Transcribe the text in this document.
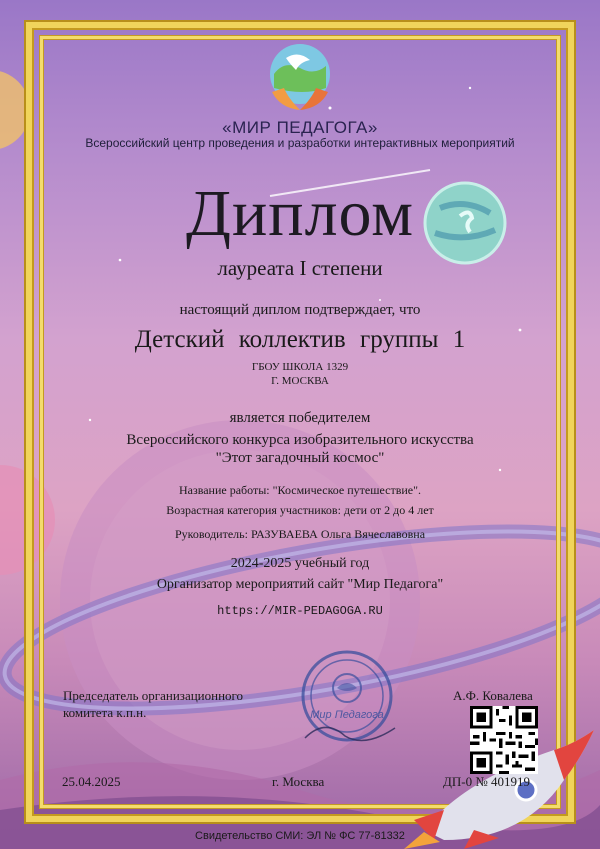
«МИР ПЕДАГОГА»
Всероссийский центр проведения и разработки интерактивных мероприятий
Диплом
лауреата I степени
настоящий диплом подтверждает, что
Детский коллектив группы 1
ГБОУ ШКОЛА 1329
Г. МОСКВА
является победителем
Всероссийского конкурса изобразительного искусства
"Этот загадочный космос"
Название работы: "Космическое путешествие".
Возрастная категория участников: дети от 2 до 4 лет
Руководитель: РАЗУВАЕВА Ольга Вячеславовна
2024-2025 учебный год
Организатор мероприятий сайт "Мир Педагога"
https://MIR-PEDAGOGA.RU
Мир Педагога
Председатель организационного
комитета к.п.н.
А.Ф. Ковалева
25.04.2025	г. Москва	ДП-0 № 401919
Свидетельство СМИ: ЭЛ № ФС 77-81332
